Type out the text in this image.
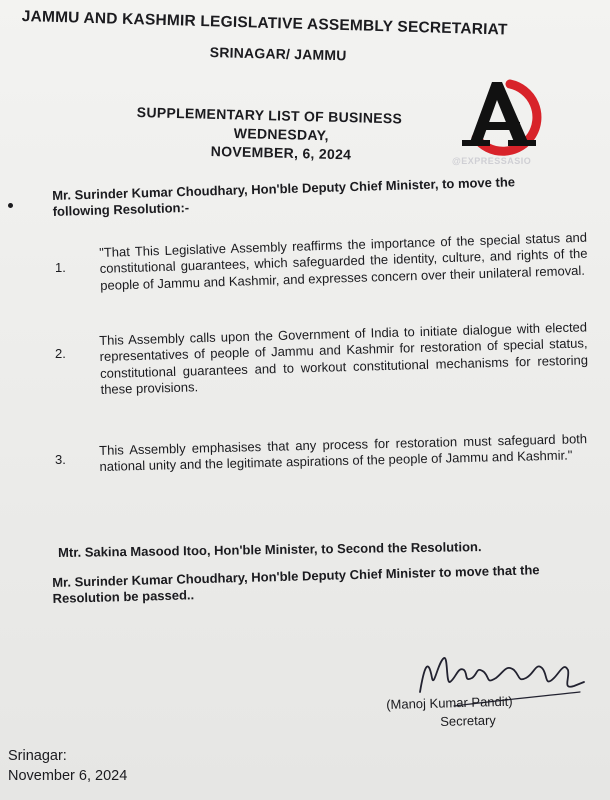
JAMMU AND KASHMIR LEGISLATIVE ASSEMBLY SECRETARIAT
SRINAGAR/ JAMMU
SUPPLEMENTARY LIST OF BUSINESS
WEDNESDAY,
NOVEMBER, 6, 2024	@EXPRESSASIO
Mr. Surinder Kumar Choudhary, Hon'ble Deputy Chief Minister, to move the following Resolution:-
1.
"That This Legislative Assembly reaffirms the importance of the special status and constitutional guarantees, which safeguarded the identity, culture, and rights of the people of Jammu and Kashmir, and expresses concern over their unilateral removal.
2.
This Assembly calls upon the Government of India to initiate dialogue with elected representatives of people of Jammu and Kashmir for restoration of special status, constitutional guarantees and to workout constitutional mechanisms for restoring these provisions.
3.
This Assembly emphasises that any process for restoration must safeguard both national unity and the legitimate aspirations of the people of Jammu and Kashmir."
Mtr. Sakina Masood Itoo, Hon'ble Minister, to Second the Resolution.
Mr. Surinder Kumar Choudhary, Hon'ble Deputy Chief Minister to move that the Resolution be passed..
(Manoj Kumar Pandit)
Secretary
Srinagar:
November 6, 2024
